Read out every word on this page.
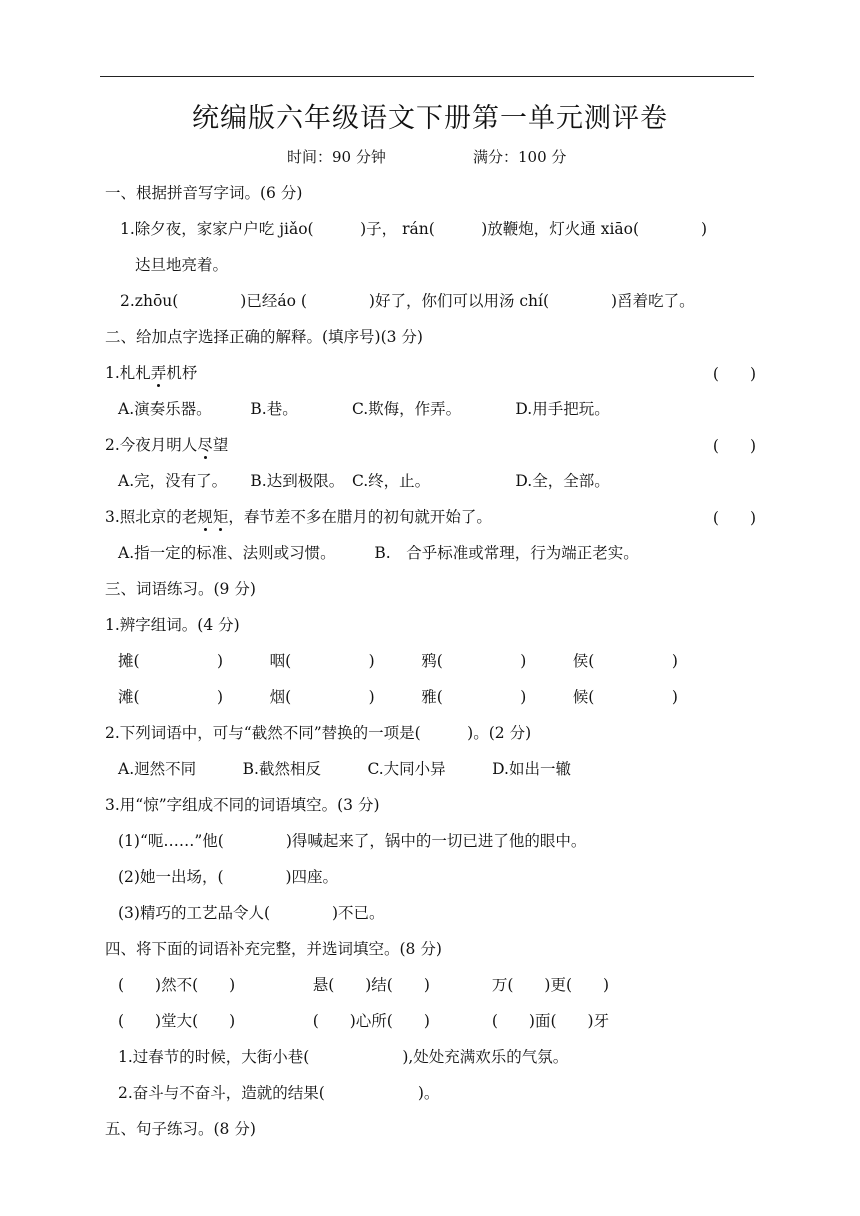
统编版六年级语文下册第一单元测评卷
时间：90 分钟	满分：100 分
一、根据拼音写字词。(6 分)
1.除夕夜，家家户户吃 jiǎo(　　　)子， rán(　　　)放鞭炮，灯火通 xiāo(　　　　)
达旦地亮着。
2.zhōu(　　　　)已经áo (　　　　)好了，你们可以用汤 chí(　　　　)舀着吃了。
二、给加点字选择正确的解释。(填序号)(3 分)
1.札札弄机杼	(　　)
A.演奏乐器。　　　B.巷。　　　　C.欺侮，作弄。　　　　D.用手把玩。
2.今夜月明人尽望	(　　)
A.完，没有了。　　B.达到极限。　C.终，止。　　　　　　D.全，全部。
3.照北京的老规矩，春节差不多在腊月的初旬就开始了。	(　　)
A.指一定的标准、法则或习惯。　　　B.　合乎标准或常理，行为端正老实。
三、词语练习。(9 分)
1.辨字组词。(4 分)
摊(　　　　　)　　　咽(　　　　　)　　　鸦(　　　　　)　　　侯(　　　　　)
滩(　　　　　)　　　烟(　　　　　)　　　雅(　　　　　)　　　候(　　　　　)
2.下列词语中，可与“截然不同”替换的一项是(　　　)。(2 分)
A.迥然不同　　　B.截然相反　　　C.大同小异　　　D.如出一辙
3.用“惊”字组成不同的词语填空。(3 分)
(1)“呃……”他(　　　　)得喊起来了，锅中的一切已进了他的眼中。
(2)她一出场，(　　　　)四座。
(3)精巧的工艺品令人(　　　　)不已。
四、将下面的词语补充完整，并选词填空。(8 分)
(　　)然不(　　)　　　　　悬(　　)结(　　)　　　　万(　　)更(　　)
(　　)堂大(　　)　　　　　(　　)心所(　　)　　　　(　　)面(　　)牙
1.过春节的时候，大街小巷(　　　　　　),处处充满欢乐的气氛。
2.奋斗与不奋斗，造就的结果(　　　　　　)。
五、句子练习。(8 分)
